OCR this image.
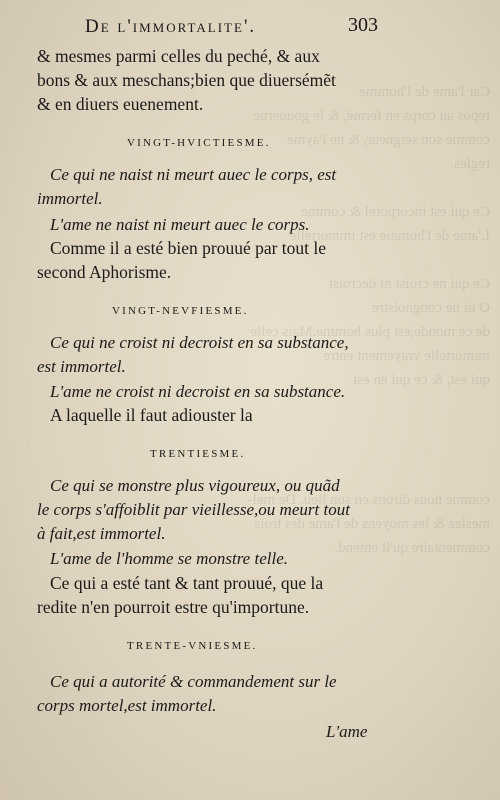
Car l'ame de l'homme
repos au corps en fermé, & le gouuerne
comme son seigneur, & ne l'ayme
regles.

Ce qui est incorporel & comme
L'ame de l'homme est immortelle

Ce qui ne croist ni decroist
O ui ne congnoistre
de ce monde,est plus homme.Mais celle
immortelle vrayement entre
qui est, & ce qui en est

comme nous dirons en son lieu. De mel-
meslez & les moyens de l'ame des trois
commentaire qu'il entend.
De l'immortalite'.	303
& mesmes parmi celles du peché, & aux
bons & aux meschans;bien que diuersémẽt
& en diuers euenement.
VINGT-HVICTIESME.
Ce qui ne naist ni meurt auec le corps, est
immortel.
L'ame ne naist ni meurt auec le corps.
Comme il a esté bien prouué par tout le
second Aphorisme.
VINGT-NEVFIESME.
Ce qui ne croist ni decroist en sa substance,
est immortel.
L'ame ne croist ni decroist en sa substance.
A laquelle il faut adiouster la
TRENTIESME.
Ce qui se monstre plus vigoureux, ou quãd
le corps s'affoiblit par vieillesse,ou meurt tout
à fait,est immortel.
L'ame de l'homme se monstre telle.
Ce qui a esté tant & tant prouué, que la
redite n'en pourroit estre qu'importune.
TRENTE-VNIESME.
Ce qui a autorité & commandement sur le
corps mortel,est immortel.
L'ame
